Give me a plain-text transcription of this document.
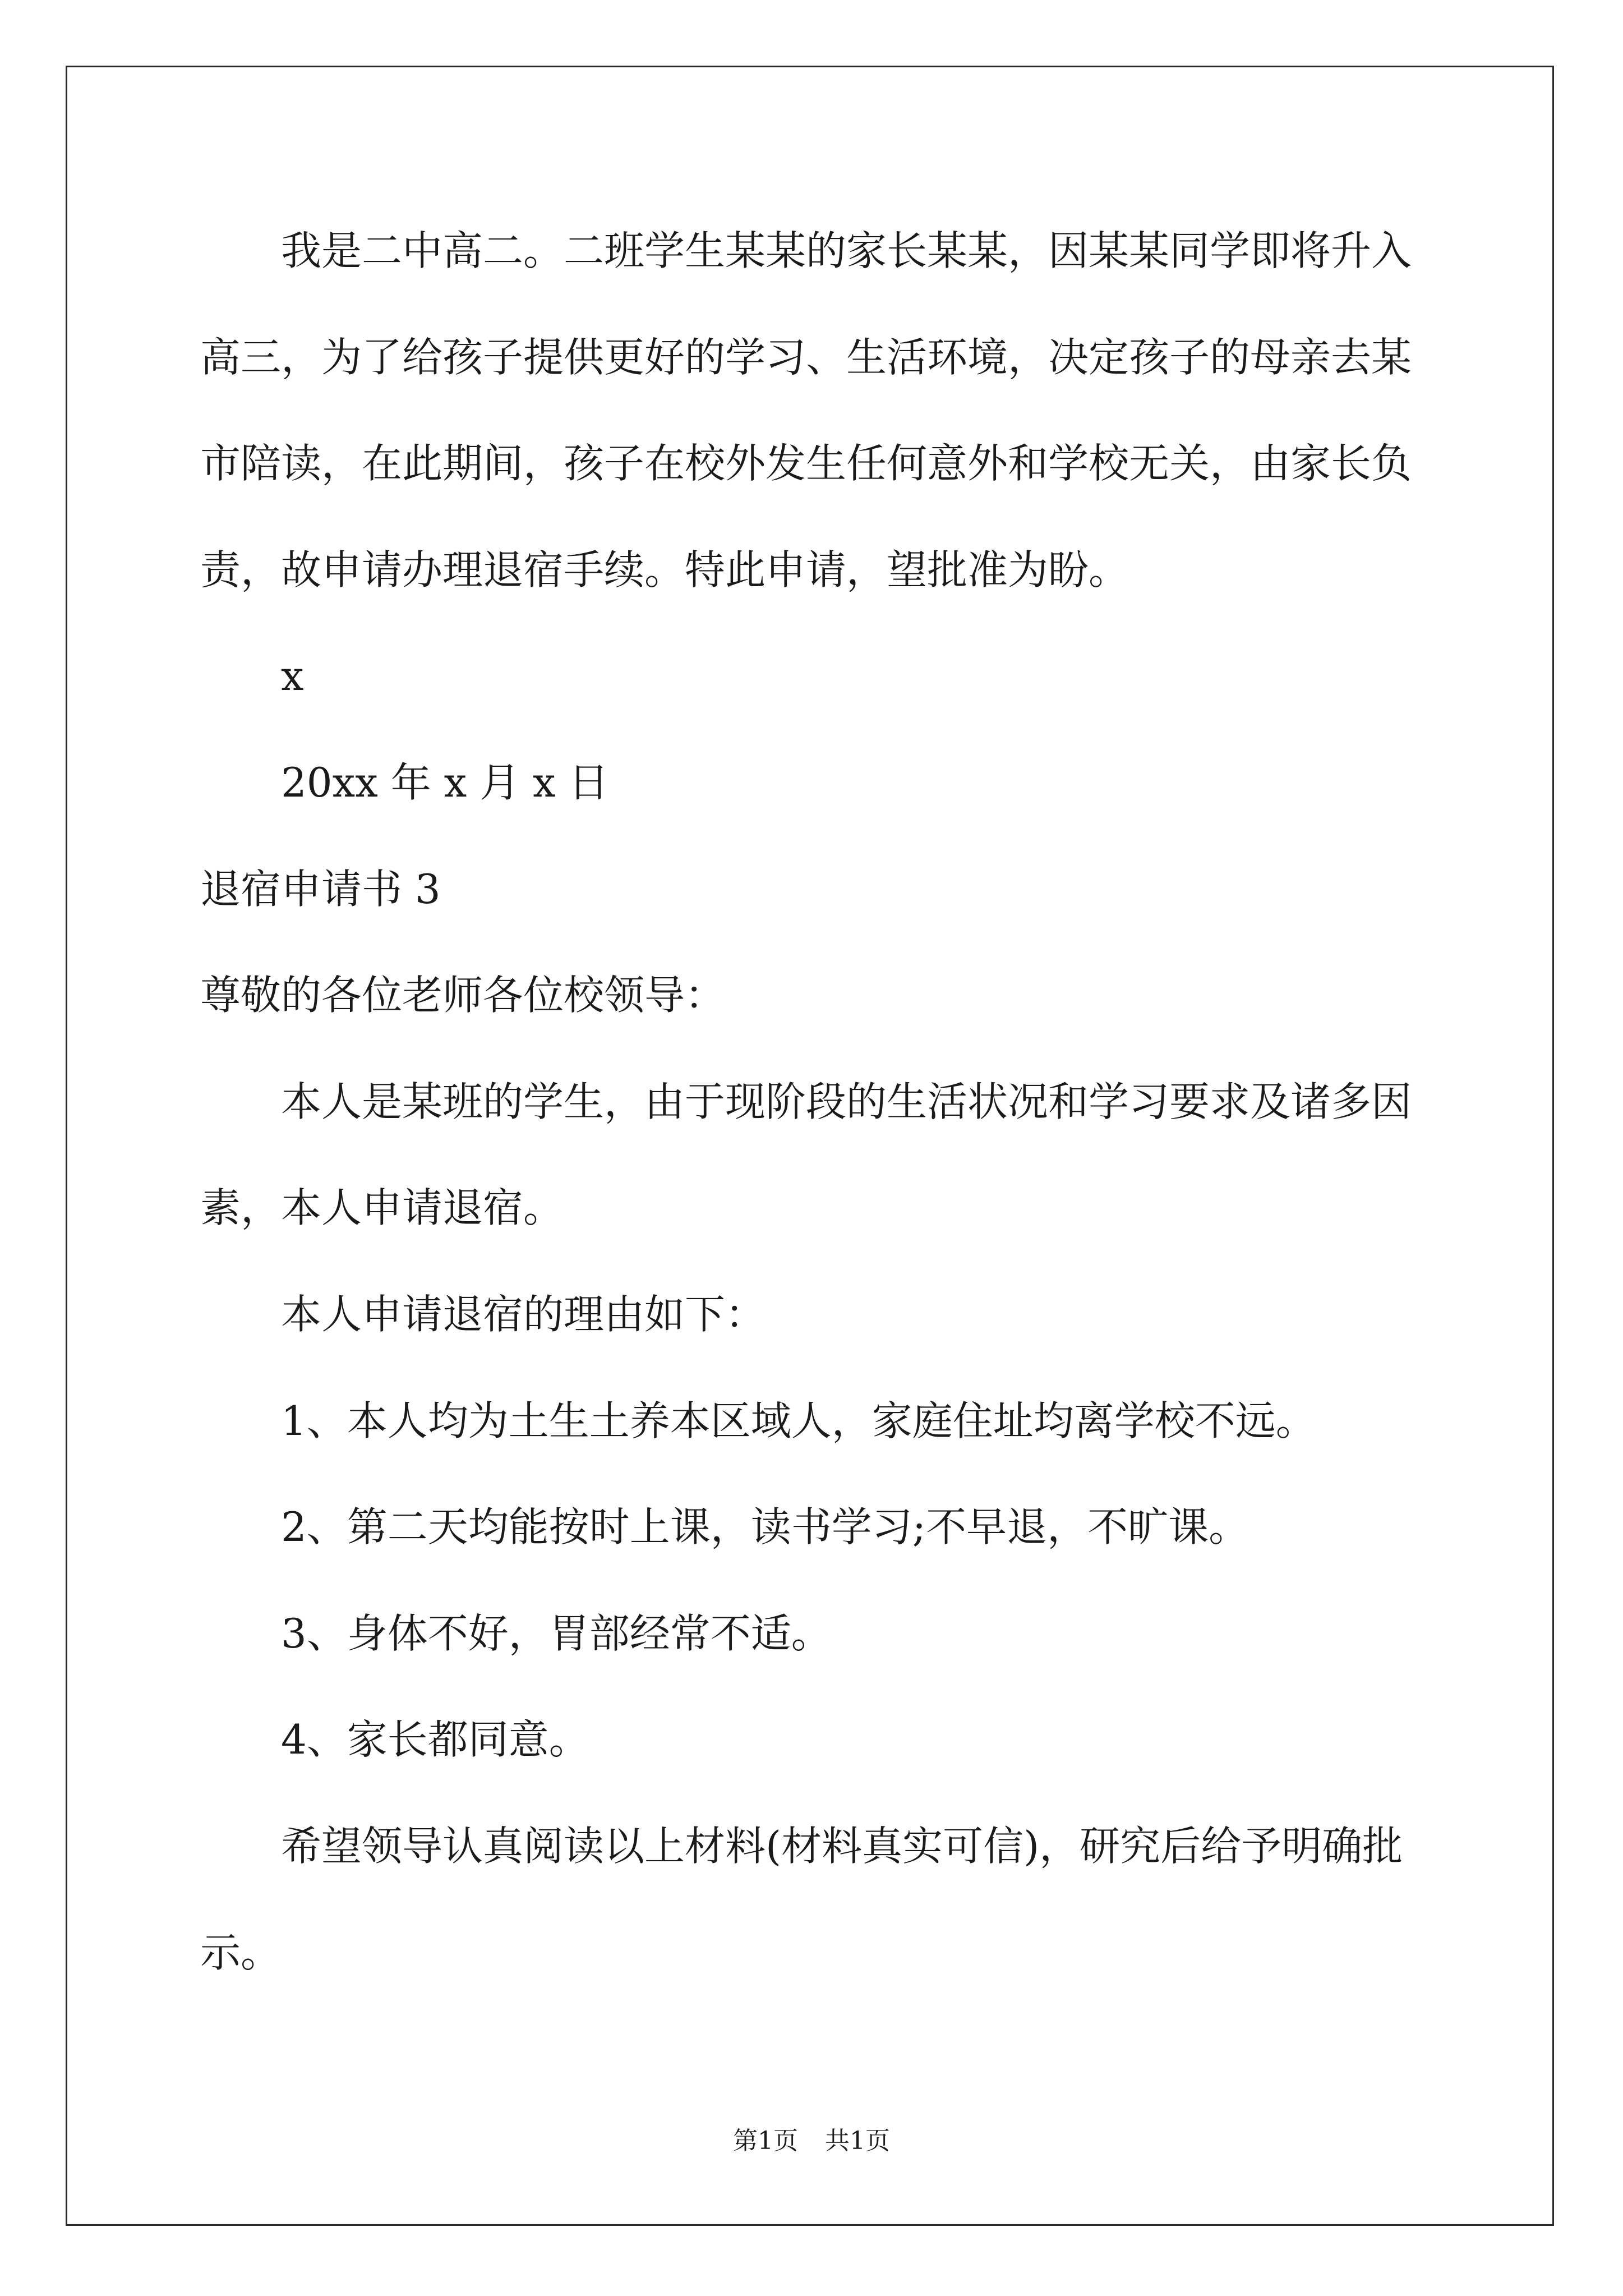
我是二中高二。二班学生某某的家长某某，因某某同学即将升入
高三，为了给孩子提供更好的学习、生活环境，决定孩子的母亲去某
市陪读，在此期间，孩子在校外发生任何意外和学校无关，由家长负
责，故申请办理退宿手续。特此申请，望批准为盼。
x
20xx 年 x 月 x 日
退宿申请书 3
尊敬的各位老师各位校领导：
本人是某班的学生，由于现阶段的生活状况和学习要求及诸多因
素，本人申请退宿。
本人申请退宿的理由如下：
1、本人均为土生土养本区域人，家庭住址均离学校不远。
2、第二天均能按时上课，读书学习;不早退，不旷课。
3、身体不好，胃部经常不适。
4、家长都同意。
希望领导认真阅读以上材料(材料真实可信)，研究后给予明确批
示。
第1页 共1页
